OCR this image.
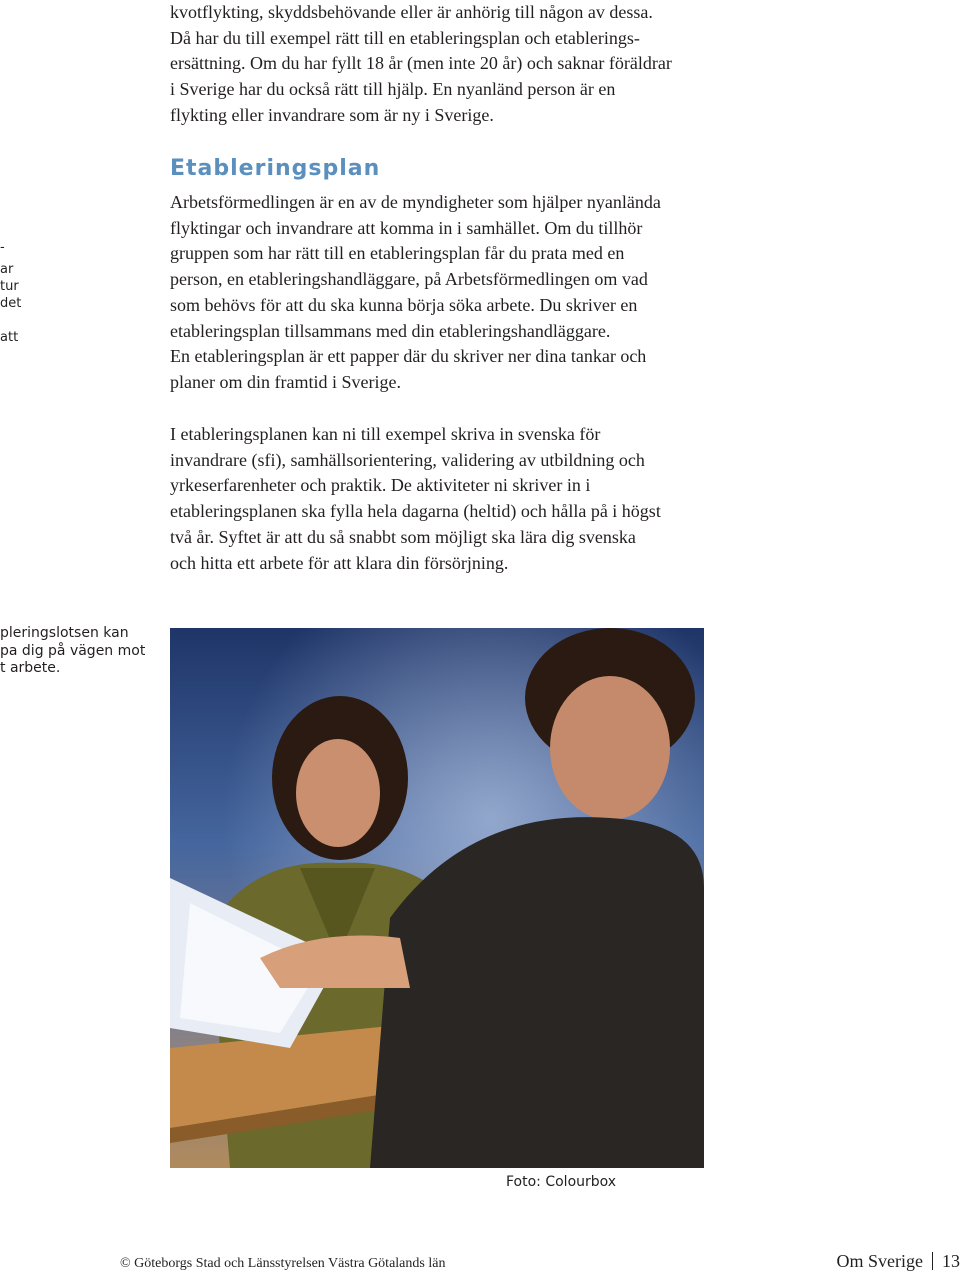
kvotflykting, skyddsbehövande eller är anhörig till någon av dessa.
Då har du till exempel rätt till en etableringsplan och etablerings-
ersättning. Om du har fyllt 18 år (men inte 20 år) och saknar föräldrar
i Sverige har du också rätt till hjälp. En nyanländ person är en
flykting eller invandrare som är ny i Sverige.

Etableringsplan

Arbetsförmedlingen är en av de myndigheter som hjälper nyanlända
flyktingar och invandrare att komma in i samhället. Om du tillhör
gruppen som har rätt till en etableringsplan får du prata med en
person, en etableringshandläggare, på Arbetsförmedlingen om vad
som behövs för att du ska kunna börja söka arbete. Du skriver en
etableringsplan tillsammans med din etableringshandläggare.
En etableringsplan är ett papper där du skriver ner dina tankar och
planer om din framtid i Sverige.

I etableringsplanen kan ni till exempel skriva in svenska för
invandrare (sfi), samhällsorientering, validering av utbildning och
yrkeserfarenheter och praktik. De aktiviteter ni skriver in i
etableringsplanen ska fylla hela dagarna (heltid) och hålla på i högst
två år. Syftet är att du så snabbt som möjligt ska lära dig svenska
och hitta ett arbete för att klara din försörjning.

-
ar
tur
det
att

pleringslotsen kan
pa dig på vägen mot
t arbete.

Foto: Colourbox

© Göteborgs Stad och Länsstyrelsen Västra Götalands län	Om Sverige 13
